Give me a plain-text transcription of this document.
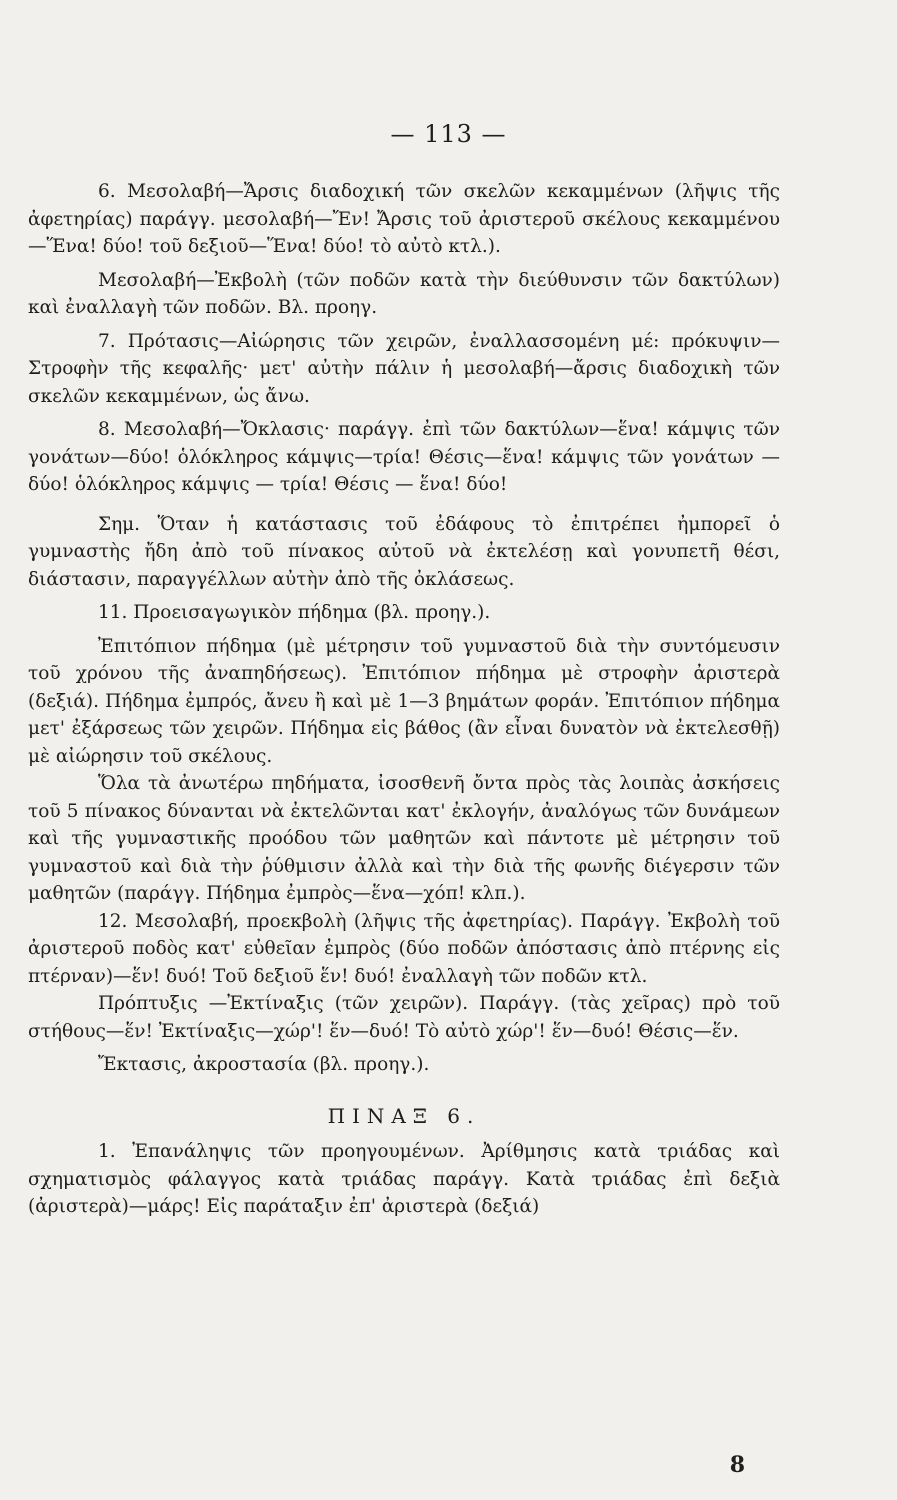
— 113 —

6. Μεσολαβή—Ἄρσις διαδοχική τῶν σκελῶν κεκαμμένων (λῆψις τῆς ἀφετηρίας) παράγγ. μεσολαβή—Ἔν! Ἄρσις τοῦ ἀριστεροῦ σκέλους κεκαμμένου—Ἕνα! δύο! τοῦ δεξιοῦ—Ἕνα! δύο! τὸ αὐτὸ κτλ.).

Μεσολαβή—Ἐκβολὴ (τῶν ποδῶν κατὰ τὴν διεύθυνσιν τῶν δακτύλων) καὶ ἐναλλαγὴ τῶν ποδῶν. Βλ. προηγ.

7. Πρότασις—Αἰώρησις τῶν χειρῶν, ἐναλλασσομένη μέ: πρόκυψιν—Στροφὴν τῆς κεφαλῆς· μετ' αὐτὴν πάλιν ἡ μεσολαβή—ἄρσις διαδοχικὴ τῶν σκελῶν κεκαμμένων, ὡς ἄνω.

8. Μεσολαβή—Ὄκλασις· παράγγ. ἐπὶ τῶν δακτύλων—ἕνα! κάμψις τῶν γονάτων—δύο! ὁλόκληρος κάμψις—τρία! Θέσις—ἕνα! κάμψις τῶν γονάτων — δύο! ὁλόκληρος κάμψις — τρία! Θέσις — ἕνα! δύο!

Σημ. Ὅταν ἡ κατάστασις τοῦ ἐδάφους τὸ ἐπιτρέπει ἠμπορεῖ ὁ γυμναστὴς ἤδη ἀπὸ τοῦ πίνακος αὐτοῦ νὰ ἐκτελέσῃ καὶ γονυπετῆ θέσι, διάστασιν, παραγγέλλων αὐτὴν ἀπὸ τῆς ὀκλάσεως.

11. Προεισαγωγικὸν πήδημα (βλ. προηγ.).

Ἐπιτόπιον πήδημα (μὲ μέτρησιν τοῦ γυμναστοῦ διὰ τὴν συντόμευσιν τοῦ χρόνου τῆς ἀναπηδήσεως). Ἐπιτόπιον πήδημα μὲ στροφὴν ἀριστερὰ (δεξιά). Πήδημα ἐμπρός, ἄνευ ἢ καὶ μὲ 1—3 βημάτων φοράν. Ἐπιτόπιον πήδημα μετ' ἐξάρσεως τῶν χειρῶν. Πήδημα εἰς βάθος (ἂν εἶναι δυνατὸν νὰ ἐκτελεσθῇ) μὲ αἰώρησιν τοῦ σκέλους.

Ὅλα τὰ ἀνωτέρω πηδήματα, ἰσοσθενῆ ὄντα πρὸς τὰς λοιπὰς ἀσκήσεις τοῦ 5 πίνακος δύνανται νὰ ἐκτελῶνται κατ' ἐκλογήν, ἀναλόγως τῶν δυνάμεων καὶ τῆς γυμναστικῆς προόδου τῶν μαθητῶν καὶ πάντοτε μὲ μέτρησιν τοῦ γυμναστοῦ καὶ διὰ τὴν ῥύθμισιν ἀλλὰ καὶ τὴν διὰ τῆς φωνῆς διέγερσιν τῶν μαθητῶν (παράγγ. Πήδημα ἐμπρὸς—ἕνα—χόπ! κλπ.).

12. Μεσολαβή, προεκβολὴ (λῆψις τῆς ἀφετηρίας). Παράγγ. Ἐκβολὴ τοῦ ἀριστεροῦ ποδὸς κατ' εὐθεῖαν ἐμπρὸς (δύο ποδῶν ἀπόστασις ἀπὸ πτέρνης εἰς πτέρναν)—ἕν! δυό! Τοῦ δεξιοῦ ἕν! δυό! ἐναλλαγὴ τῶν ποδῶν κτλ.

Πρόπτυξις —Ἐκτίναξις (τῶν χειρῶν). Παράγγ. (τὰς χεῖρας) πρὸ τοῦ στήθους—ἕν! Ἐκτίναξις—χώρ'! ἕν—δυό! Τὸ αὐτὸ χώρ'! ἕν—δυό! Θέσις—ἕν.

Ἔκτασις, ἀκροστασία (βλ. προηγ.).

ΠΙΝΑΞ 6.

1. Ἐπανάληψις τῶν προηγουμένων. Ἀρίθμησις κατὰ τριάδας καὶ σχηματισμὸς φάλαγγος κατὰ τριάδας παράγγ. Κατὰ τριάδας ἐπὶ δεξιὰ (ἀριστερὰ)—μάρς! Εἰς παράταξιν ἐπ' ἀριστερὰ (δεξιά)

8
